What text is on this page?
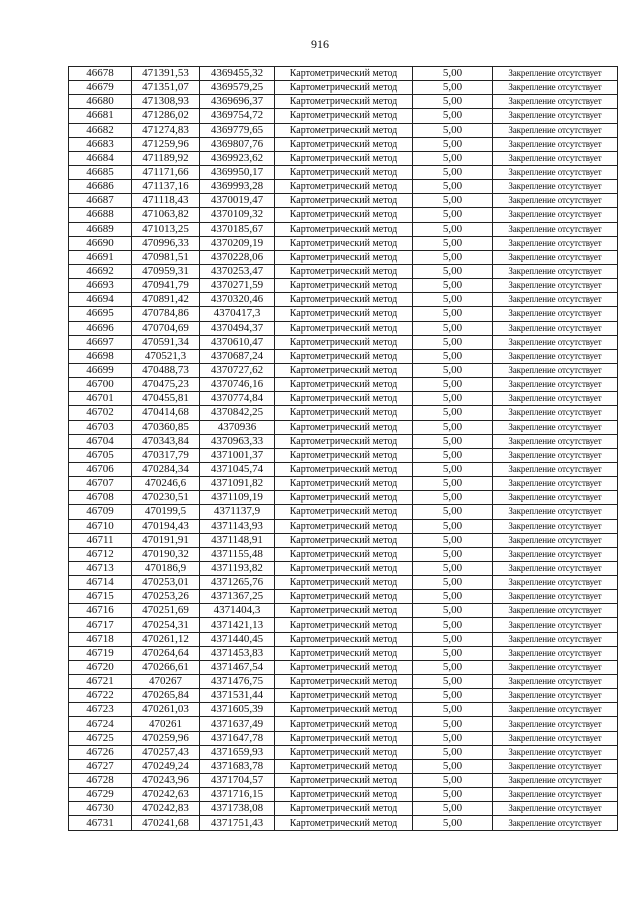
916
46678	471391,53	4369455,32	Картометрический метод	5,00	Закрепление отсутствует
46679	471351,07	4369579,25	Картометрический метод	5,00	Закрепление отсутствует
46680	471308,93	4369696,37	Картометрический метод	5,00	Закрепление отсутствует
46681	471286,02	4369754,72	Картометрический метод	5,00	Закрепление отсутствует
46682	471274,83	4369779,65	Картометрический метод	5,00	Закрепление отсутствует
46683	471259,96	4369807,76	Картометрический метод	5,00	Закрепление отсутствует
46684	471189,92	4369923,62	Картометрический метод	5,00	Закрепление отсутствует
46685	471171,66	4369950,17	Картометрический метод	5,00	Закрепление отсутствует
46686	471137,16	4369993,28	Картометрический метод	5,00	Закрепление отсутствует
46687	471118,43	4370019,47	Картометрический метод	5,00	Закрепление отсутствует
46688	471063,82	4370109,32	Картометрический метод	5,00	Закрепление отсутствует
46689	471013,25	4370185,67	Картометрический метод	5,00	Закрепление отсутствует
46690	470996,33	4370209,19	Картометрический метод	5,00	Закрепление отсутствует
46691	470981,51	4370228,06	Картометрический метод	5,00	Закрепление отсутствует
46692	470959,31	4370253,47	Картометрический метод	5,00	Закрепление отсутствует
46693	470941,79	4370271,59	Картометрический метод	5,00	Закрепление отсутствует
46694	470891,42	4370320,46	Картометрический метод	5,00	Закрепление отсутствует
46695	470784,86	4370417,3	Картометрический метод	5,00	Закрепление отсутствует
46696	470704,69	4370494,37	Картометрический метод	5,00	Закрепление отсутствует
46697	470591,34	4370610,47	Картометрический метод	5,00	Закрепление отсутствует
46698	470521,3	4370687,24	Картометрический метод	5,00	Закрепление отсутствует
46699	470488,73	4370727,62	Картометрический метод	5,00	Закрепление отсутствует
46700	470475,23	4370746,16	Картометрический метод	5,00	Закрепление отсутствует
46701	470455,81	4370774,84	Картометрический метод	5,00	Закрепление отсутствует
46702	470414,68	4370842,25	Картометрический метод	5,00	Закрепление отсутствует
46703	470360,85	4370936	Картометрический метод	5,00	Закрепление отсутствует
46704	470343,84	4370963,33	Картометрический метод	5,00	Закрепление отсутствует
46705	470317,79	4371001,37	Картометрический метод	5,00	Закрепление отсутствует
46706	470284,34	4371045,74	Картометрический метод	5,00	Закрепление отсутствует
46707	470246,6	4371091,82	Картометрический метод	5,00	Закрепление отсутствует
46708	470230,51	4371109,19	Картометрический метод	5,00	Закрепление отсутствует
46709	470199,5	4371137,9	Картометрический метод	5,00	Закрепление отсутствует
46710	470194,43	4371143,93	Картометрический метод	5,00	Закрепление отсутствует
46711	470191,91	4371148,91	Картометрический метод	5,00	Закрепление отсутствует
46712	470190,32	4371155,48	Картометрический метод	5,00	Закрепление отсутствует
46713	470186,9	4371193,82	Картометрический метод	5,00	Закрепление отсутствует
46714	470253,01	4371265,76	Картометрический метод	5,00	Закрепление отсутствует
46715	470253,26	4371367,25	Картометрический метод	5,00	Закрепление отсутствует
46716	470251,69	4371404,3	Картометрический метод	5,00	Закрепление отсутствует
46717	470254,31	4371421,13	Картометрический метод	5,00	Закрепление отсутствует
46718	470261,12	4371440,45	Картометрический метод	5,00	Закрепление отсутствует
46719	470264,64	4371453,83	Картометрический метод	5,00	Закрепление отсутствует
46720	470266,61	4371467,54	Картометрический метод	5,00	Закрепление отсутствует
46721	470267	4371476,75	Картометрический метод	5,00	Закрепление отсутствует
46722	470265,84	4371531,44	Картометрический метод	5,00	Закрепление отсутствует
46723	470261,03	4371605,39	Картометрический метод	5,00	Закрепление отсутствует
46724	470261	4371637,49	Картометрический метод	5,00	Закрепление отсутствует
46725	470259,96	4371647,78	Картометрический метод	5,00	Закрепление отсутствует
46726	470257,43	4371659,93	Картометрический метод	5,00	Закрепление отсутствует
46727	470249,24	4371683,78	Картометрический метод	5,00	Закрепление отсутствует
46728	470243,96	4371704,57	Картометрический метод	5,00	Закрепление отсутствует
46729	470242,63	4371716,15	Картометрический метод	5,00	Закрепление отсутствует
46730	470242,83	4371738,08	Картометрический метод	5,00	Закрепление отсутствует
46731	470241,68	4371751,43	Картометрический метод	5,00	Закрепление отсутствует
